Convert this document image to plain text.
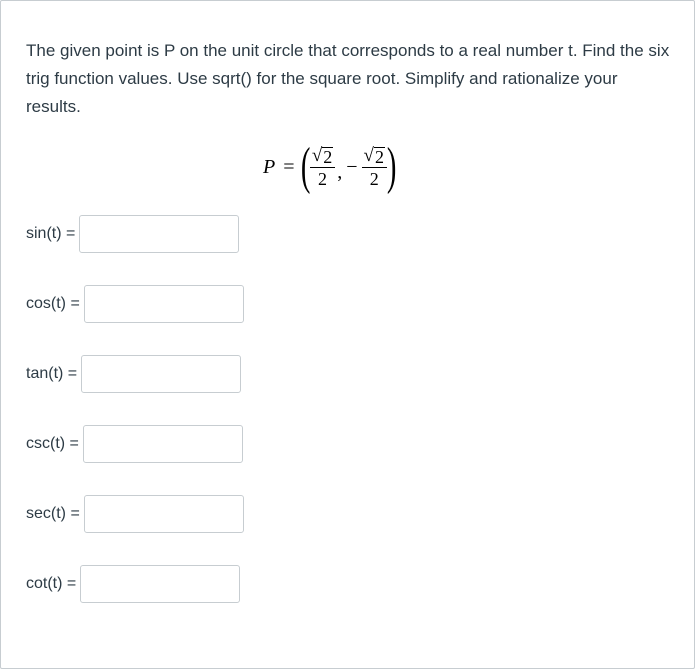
The given point is P on the unit circle that corresponds to a real number t. Find the six trig function values. Use sqrt() for the square root. Simplify and rationalize your results.

P = ( $\frac{√ 2}{2}$ , − $\frac{√ 2}{2}$ )
sin(t) =
cos(t) =
tan(t) =
csc(t) =
sec(t) =
cot(t) =
